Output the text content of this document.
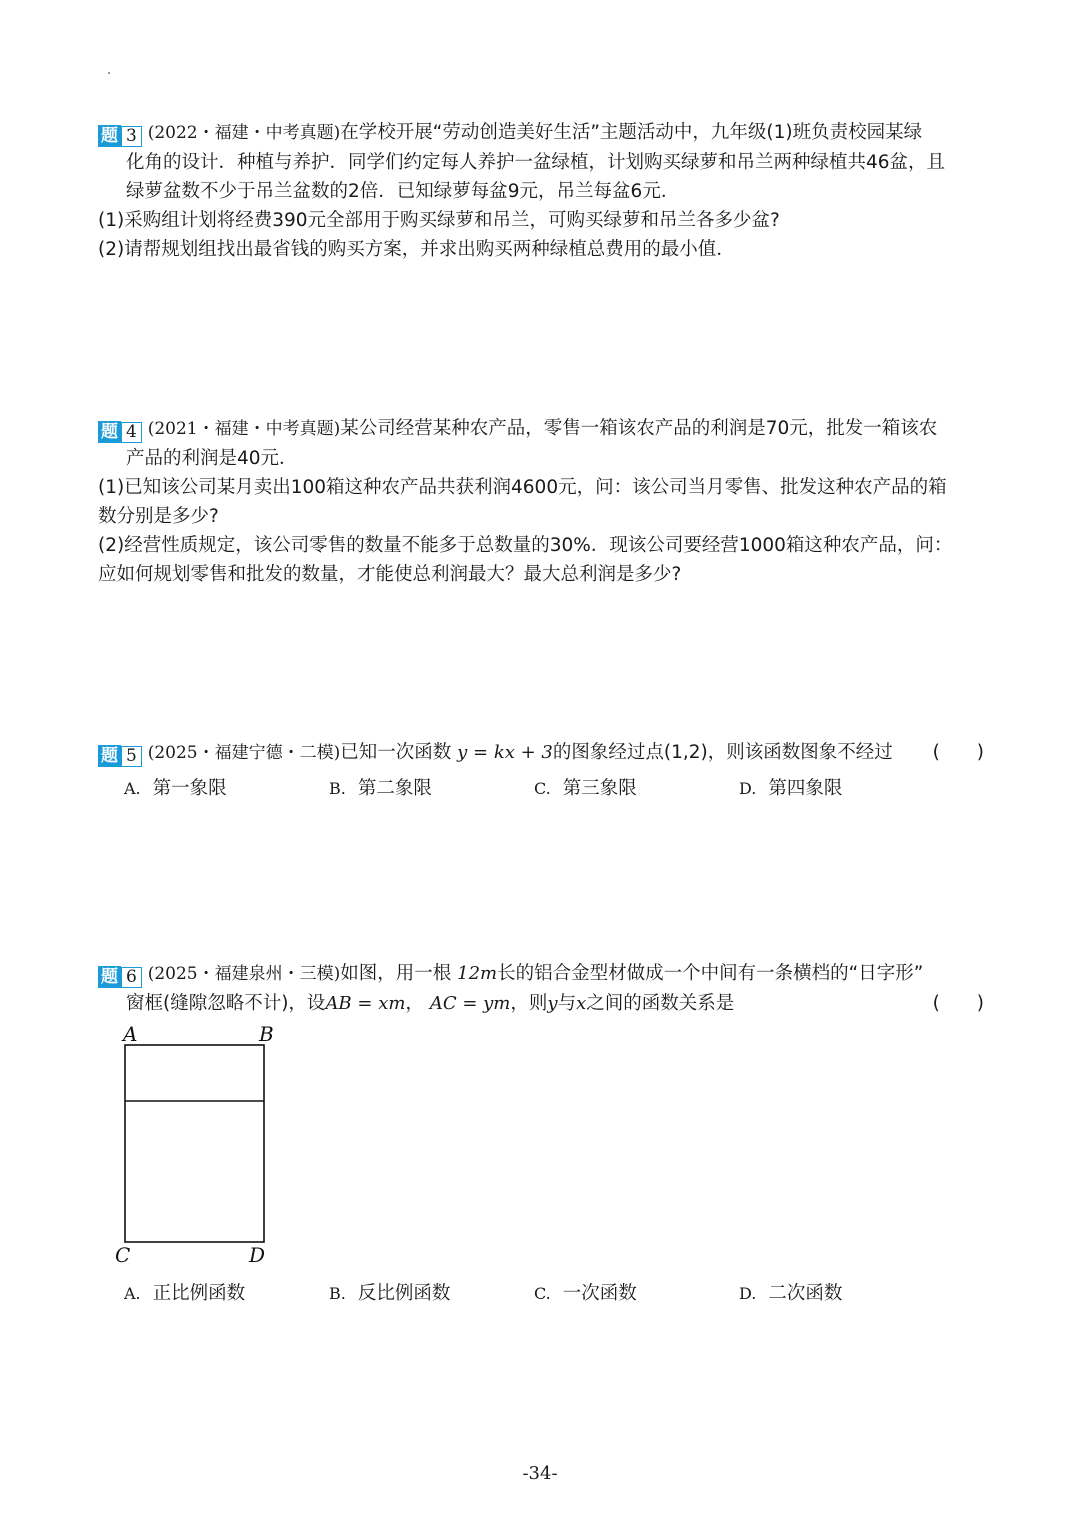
题 3 (2022・福建・中考真题)在学校开展“劳动创造美好生活”主题活动中，九年级(1)班负责校园某绿
化角的设计．种植与养护．同学们约定每人养护一盆绿植，计划购买绿萝和吊兰两种绿植共46盆，且
绿萝盆数不少于吊兰盆数的2倍．已知绿萝每盆9元，吊兰每盆6元．
(1)采购组计划将经费390元全部用于购买绿萝和吊兰，可购买绿萝和吊兰各多少盆?
(2)请帮规划组找出最省钱的购买方案，并求出购买两种绿植总费用的最小值．
题 4 (2021・福建・中考真题)某公司经营某种农产品，零售一箱该农产品的利润是70元，批发一箱该农
产品的利润是40元．
(1)已知该公司某月卖出100箱这种农产品共获利润4600元，问：该公司当月零售、批发这种农产品的箱
数分别是多少?
(2)经营性质规定，该公司零售的数量不能多于总数量的30%．现该公司要经营1000箱这种农产品，问：
应如何规划零售和批发的数量，才能使总利润最大？最大总利润是多少?
题 5 (2025・福建宁德・二模)已知一次函数 y = kx + 3的图象经过点(1,2)，则该函数图象不经过 (　　)
A. 第一象限	B. 第二象限	C. 第三象限	D. 第四象限
题 6 (2025・福建泉州・三模)如图，用一根 12m长的铝合金型材做成一个中间有一条横档的“日字形”
窗框(缝隙忽略不计)，设AB = xm， AC = ym，则y与x之间的函数关系是	(　　)
A	B
C	D
A. 正比例函数	B. 反比例函数	C. 一次函数	D. 二次函数
-34-
